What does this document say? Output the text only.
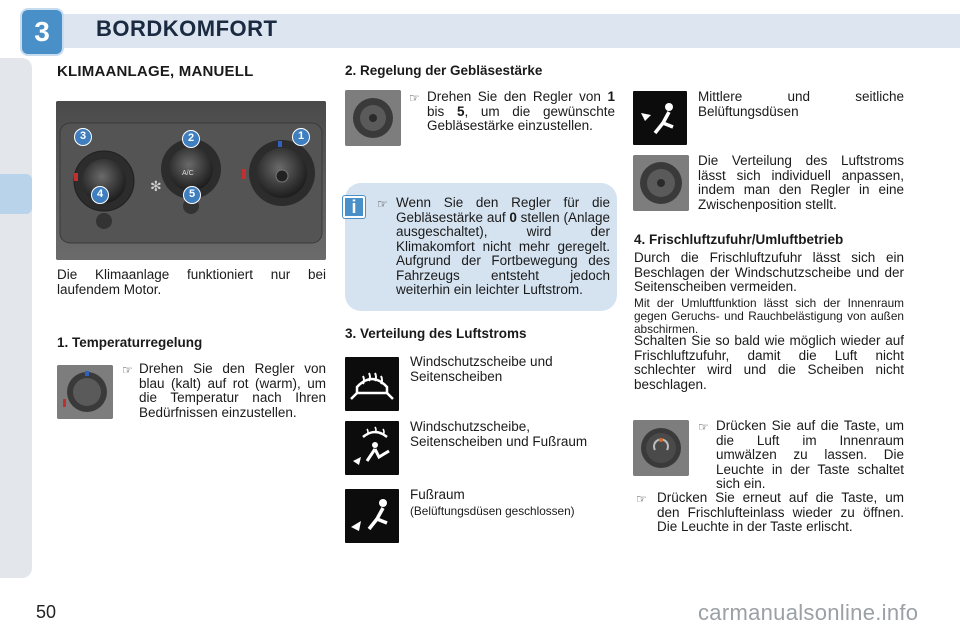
3	BORDKOMFORT
KLIMAANLAGE, MANUELL
✻
3	2	1
4	5
A/C
Die Klimaanlage funktioniert nur bei laufendem Motor.
1. Temperaturregelung
☞ Drehen Sie den Regler von blau (kalt) auf rot (warm), um die Temperatur nach Ihren Bedürfnissen einzustellen.
2. Regelung der Gebläsestärke
☞ Drehen Sie den Regler von 1 bis 5, um die gewünschte Gebläsestärke einzustellen.
i	☞ Wenn Sie den Regler für die Gebläsestärke auf 0 stellen (Anlage ausgeschaltet), wird der Klimakomfort nicht mehr geregelt. Aufgrund der Fortbewegung des Fahrzeugs entsteht jedoch weiterhin ein leichter Luftstrom.
3. Verteilung des Luftstroms
Windschutzscheibe und Seitenscheiben
Windschutzscheibe, Seitenscheiben und Fußraum
Fußraum
(Belüftungsdüsen geschlossen)
Mittlere und seitliche Belüftungsdüsen
Die Verteilung des Luftstroms lässt sich individuell anpassen, indem man den Regler in eine Zwischenposition stellt.
4. Frischluftzufuhr/Umluftbetrieb
Durch die Frischluftzufuhr lässt sich ein Beschlagen der Windschutzscheibe und der Seitenscheiben vermeiden.
Mit der Umluftfunktion lässt sich der Innenraum gegen Geruchs- und Rauchbelästigung von außen abschirmen.
Schalten Sie so bald wie möglich wieder auf Frischluftzufuhr, damit die Luft nicht schlechter wird und die Scheiben nicht beschlagen.
☞ Drücken Sie auf die Taste, um die Luft im Innenraum umwälzen zu lassen. Die Leuchte in der Taste schaltet sich ein.
☞ Drücken Sie erneut auf die Taste, um den Frischlufteinlass wieder zu öffnen. Die Leuchte in der Taste erlischt.
50	carmanualsonline.info
